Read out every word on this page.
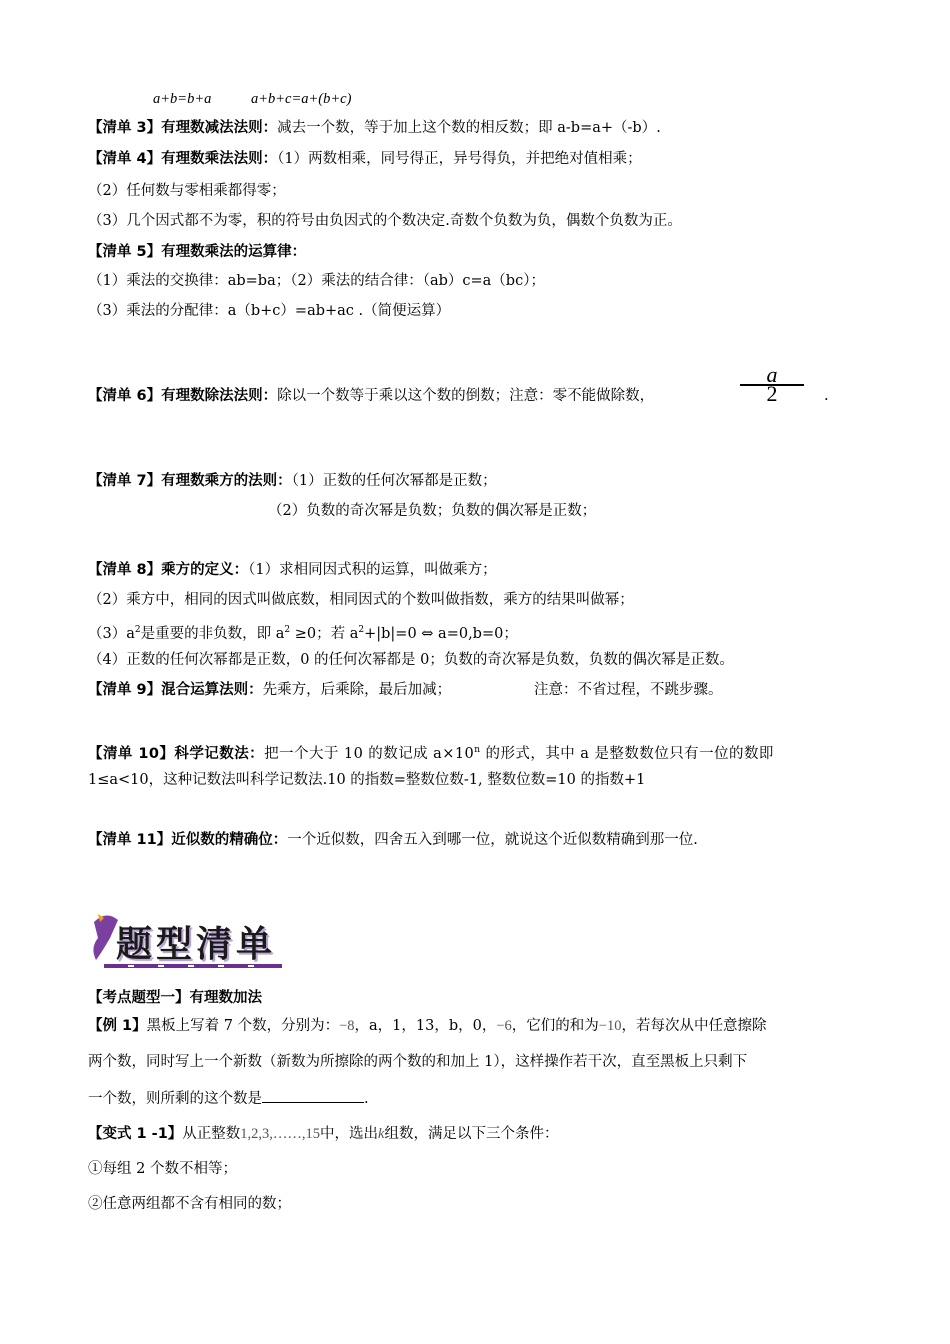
a+b=b+a	a+b+c=a+(b+c)
【清单 3】有理数减法法则：减去一个数，等于加上这个数的相反数；即 a-b=a+（-b）.
【清单 4】有理数乘法法则：（1）两数相乘，同号得正，异号得负，并把绝对值相乘；
（2）任何数与零相乘都得零；
（3）几个因式都不为零，积的符号由负因式的个数决定.奇数个负数为负，偶数个负数为正。
【清单 5】有理数乘法的运算律：
（1）乘法的交换律：ab=ba；（2）乘法的结合律：（ab）c=a（bc）；
（3）乘法的分配律：a（b+c）=ab+ac .（简便运算）
【清单 6】有理数除法法则：除以一个数等于乘以这个数的倒数；注意：零不能做除数，
a
2	.
【清单 7】有理数乘方的法则：（1）正数的任何次幂都是正数；
（2）负数的奇次幂是负数；负数的偶次幂是正数；
【清单 8】乘方的定义：（1）求相同因式积的运算，叫做乘方；
（2）乘方中，相同的因式叫做底数，相同因式的个数叫做指数，乘方的结果叫做幂；
$(3)a^2$是重要的非负数，即 $a^2 \ge 0$；若 $a^2+|b|=0$ ⇔ a=0,b=0；
（4）正数的任何次幂都是正数，0 的任何次幂都是 0；负数的奇次幂是负数，负数的偶次幂是正数。
【清单 9】混合运算法则：先乘方，后乘除，最后加减；	注意：不省过程，不跳步骤。
【清单 10】科学记数法：把一个大于 10 的数记成 $a\times 10^n$ 的形式，其中 a 是整数数位只有一位的数即
1≤a<10，这种记数法叫科学记数法.10 的指数=整数位数-1, 整数位数=10 的指数+1
【清单 11】近似数的精确位：一个近似数，四舍五入到哪一位，就说这个近似数精确到那一位.
题型清单
【考点题型一】有理数加法
【例 1】黑板上写着 7 个数，分别为：−8，a，1，13，b，0，−6，它们的和为−10，若每次从中任意擦除
两个数，同时写上一个新数（新数为所擦除的两个数的和加上 1），这样操作若干次，直至黑板上只剩下
一个数，则所剩的这个数是	.
【变式 1 -1】从正整数1,2,3,……,15中，选出k组数，满足以下三个条件：
①每组 2 个数不相等；
②任意两组都不含有相同的数；
